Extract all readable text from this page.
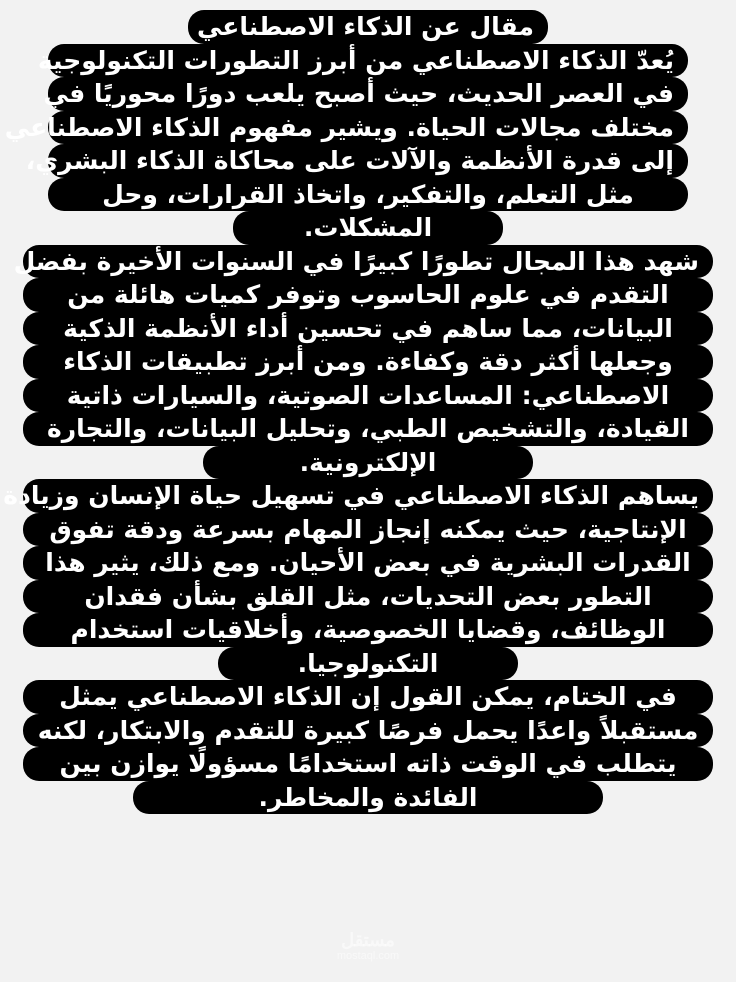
مقال عن الذكاء الاصطناعي
يُعدّ الذكاء الاصطناعي من أبرز التطورات التكنولوجية
في العصر الحديث، حيث أصبح يلعب دورًا محوريًا في
مختلف مجالات الحياة. ويشير مفهوم الذكاء الاصطناعي
إلى قدرة الأنظمة والآلات على محاكاة الذكاء البشري،
مثل التعلم، والتفكير، واتخاذ القرارات، وحل
المشكلات.
شهد هذا المجال تطورًا كبيرًا في السنوات الأخيرة بفضل
التقدم في علوم الحاسوب وتوفر كميات هائلة من
البيانات، مما ساهم في تحسين أداء الأنظمة الذكية
وجعلها أكثر دقة وكفاءة. ومن أبرز تطبيقات الذكاء
الاصطناعي: المساعدات الصوتية، والسيارات ذاتية
القيادة، والتشخيص الطبي، وتحليل البيانات، والتجارة
الإلكترونية.
يساهم الذكاء الاصطناعي في تسهيل حياة الإنسان وزيادة
الإنتاجية، حيث يمكنه إنجاز المهام بسرعة ودقة تفوق
القدرات البشرية في بعض الأحيان. ومع ذلك، يثير هذا
التطور بعض التحديات، مثل القلق بشأن فقدان
الوظائف، وقضايا الخصوصية، وأخلاقيات استخدام
التكنولوجيا.
في الختام، يمكن القول إن الذكاء الاصطناعي يمثل
مستقبلاً واعدًا يحمل فرصًا كبيرة للتقدم والابتكار، لكنه
يتطلب في الوقت ذاته استخدامًا مسؤولًا يوازن بين
الفائدة والمخاطر.
مستقل
mostaql.com
